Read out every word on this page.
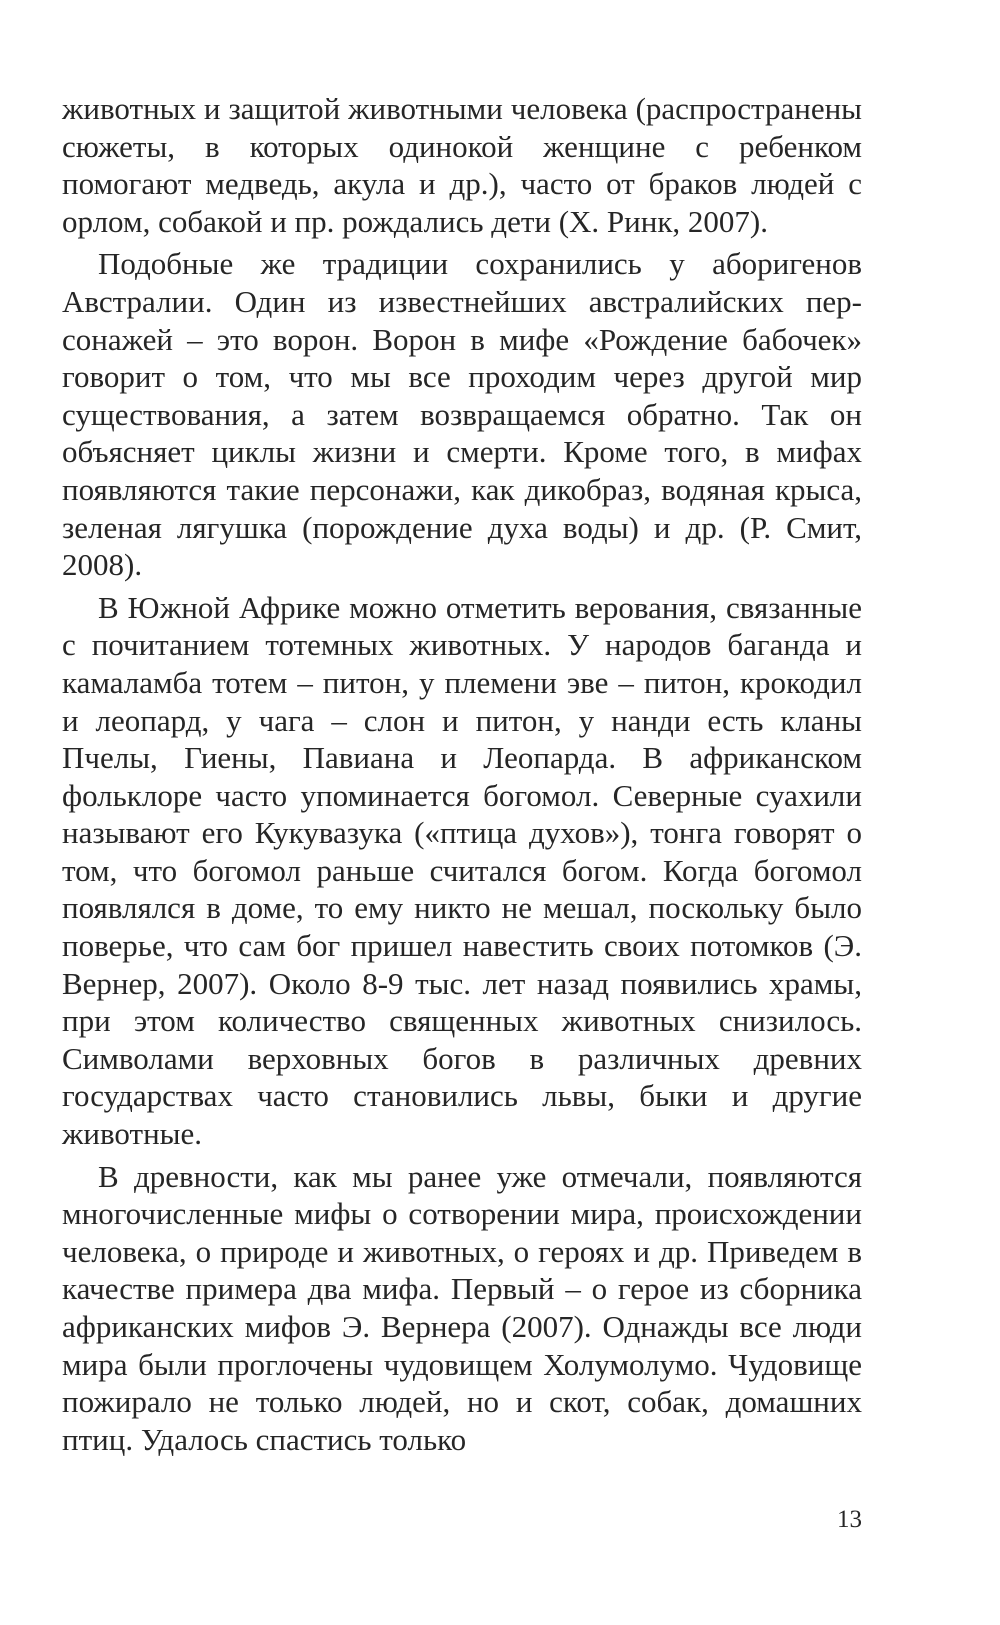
животных и защитой животными человека (распространены сюжеты, в которых одинокой женщине с ребенком помогают медведь, акула и др.), часто от браков людей с орлом, собакой и пр. рождались дети (X. Ринк, 2007).

Подобные же традиции сохранились у аборигенов Австралии. Один из известнейших австралийских персонажей – это ворон. Ворон в мифе «Рождение бабочек» говорит о том, что мы все проходим через другой мир существования, а затем возвращаемся обратно. Так он объясняет циклы жизни и смерти. Кроме того, в мифах появляются такие персонажи, как дикобраз, водяная крыса, зеленая лягушка (порождение духа воды) и др. (Р. Смит, 2008).

В Южной Африке можно отметить верования, связанные с почитанием тотемных животных. У народов баганда и камаламба тотем – питон, у племени эве – питон, крокодил и леопард, у чага – слон и питон, у нанди есть кланы Пчелы, Гиены, Павиана и Леопарда. В африканском фольклоре часто упоминается богомол. Северные суахили называют его Кукувазука («птица духов»), тонга говорят о том, что богомол раньше считался богом. Когда богомол появлялся в доме, то ему никто не мешал, поскольку было поверье, что сам бог пришел навестить своих потомков (Э. Вернер, 2007). Около 8-9 тыс. лет назад появились храмы, при этом количество священных животных снизилось. Символами верховных богов в различных древних государствах часто становились львы, быки и другие животные.

В древности, как мы ранее уже отмечали, появляются многочисленные мифы о сотворении мира, происхождении человека, о природе и животных, о героях и др. Приведем в качестве примера два мифа. Первый – о герое из сборника африканских мифов Э. Вернера (2007). Однажды все люди мира были проглочены чудовищем Холумолумо. Чудовище пожирало не только людей, но и скот, собак, домашних птиц. Удалось спастись только

13
